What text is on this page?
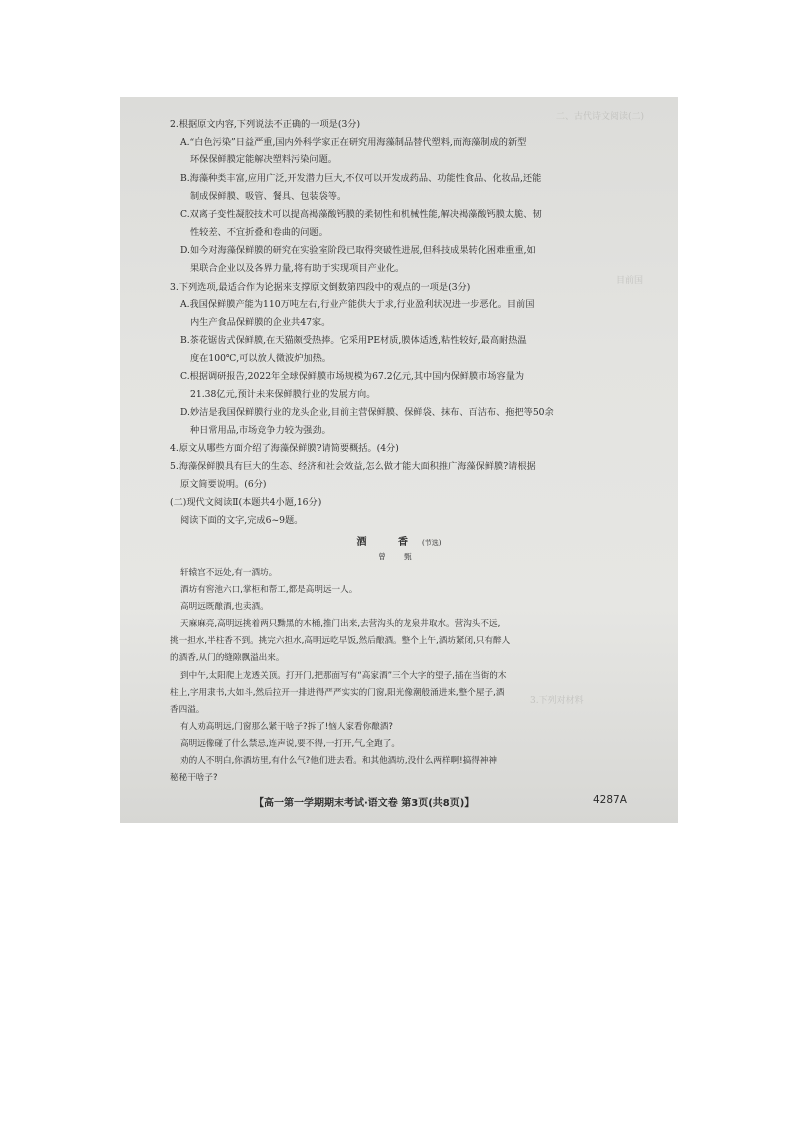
二、古代诗文阅读(二)
目前国
3.下列对材料
2.根据原文内容,下列说法不正确的一项是(3分)
A.“白色污染”日益严重,国内外科学家正在研究用海藻制品替代塑料,而海藻制成的新型
环保保鲜膜定能解决塑料污染问题。
B.海藻种类丰富,应用广泛,开发潜力巨大,不仅可以开发成药品、功能性食品、化妆品,还能
制成保鲜膜、吸管、餐具、包装袋等。
C.双离子变性凝胶技术可以提高褐藻酸钙膜的柔韧性和机械性能,解决褐藻酸钙膜太脆、韧
性较差、不宜折叠和卷曲的问题。
D.如今对海藻保鲜膜的研究在实验室阶段已取得突破性进展,但科技成果转化困难重重,如
果联合企业以及各界力量,将有助于实现项目产业化。
3.下列选项,最适合作为论据来支撑原文倒数第四段中的观点的一项是(3分)
A.我国保鲜膜产能为110万吨左右,行业产能供大于求,行业盈利状况进一步恶化。目前国
内生产食品保鲜膜的企业共47家。
B.茶花锯齿式保鲜膜,在天猫颇受热捧。它采用PE材质,膜体适透,粘性较好,最高耐热温
度在100℃,可以放人微波炉加热。
C.根据调研报告,2022年全球保鲜膜市场规模为67.2亿元,其中国内保鲜膜市场容量为
21.38亿元,预计未来保鲜膜行业的发展方向。
D.妙洁是我国保鲜膜行业的龙头企业,目前主营保鲜膜、保鲜袋、抹布、百洁布、拖把等50余
种日常用品,市场竞争力较为强劲。
4.原文从哪些方面介绍了海藻保鲜膜?请简要概括。(4分)
5.海藻保鲜膜具有巨大的生态、经济和社会效益,怎么做才能大面积推广海藻保鲜膜?请根据
原文简要说明。(6分)
(二)现代文阅读Ⅱ(本题共4小题,16分)
阅读下面的文字,完成6~9题。
酒 香(节选)
曾 甄
轩辕宫不远处,有一酒坊。
酒坊有窖池六口,掌柜和帮工,都是高明远一人。
高明远既酿酒,也卖酒。
天麻麻亮,高明远挑着两只黝黑的木桶,推门出来,去营沟头的龙泉井取水。营沟头不远,
挑一担水,半柱香不到。挑完六担水,高明远吃早饭,然后酿酒。整个上午,酒坊紧闭,只有醉人
的酒香,从门的缝隙飘溢出来。
到中午,太阳爬上龙透关顶。打开门,把那面写有“高家酒”三个大字的望子,插在当街的木
柱上,字用隶书,大如斗,然后拉开一排进得严严实实的门窗,阳光像潮般涌进来,整个屋子,酒
香四溢。
有人劝高明远,门窗那么紧干啥子?拆了!恼人家看你酿酒?
高明远像碰了什么禁忌,连声说,要不得,一打开,气,全跑了。
劝的人不明白,你酒坊里,有什么气?他们进去看。和其他酒坊,没什么两样啊!搞得神神
秘秘干啥子?
【高一第一学期期末考试·语文卷 第3页(共8页)】	4287A
